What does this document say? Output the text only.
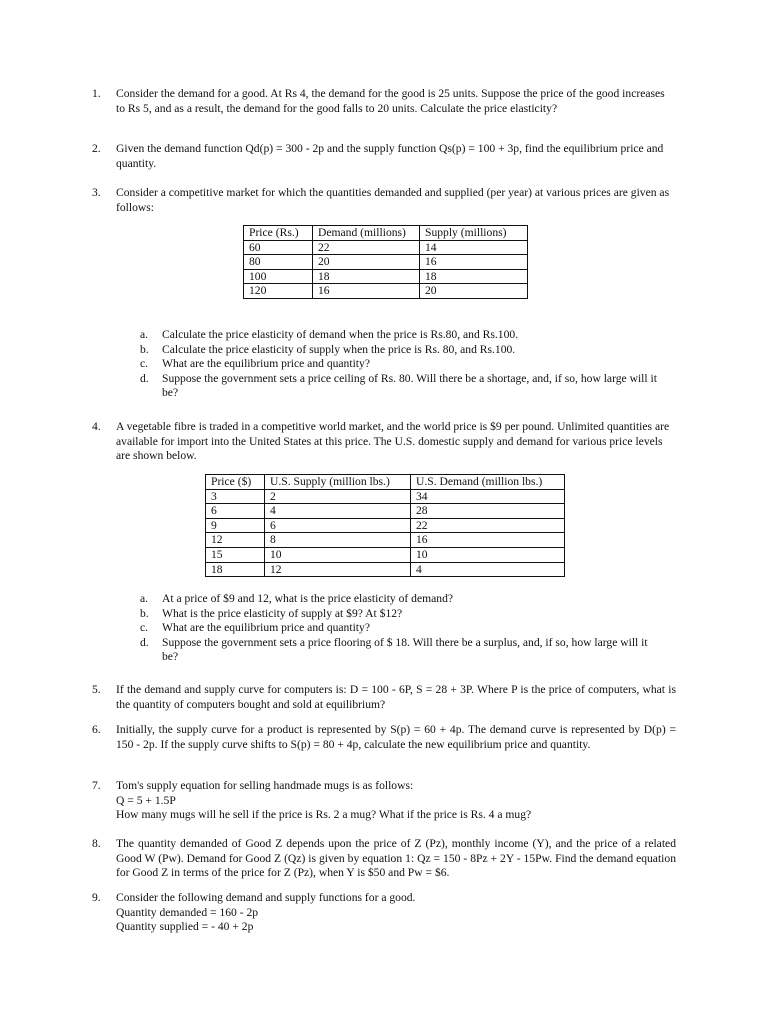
1. Consider the demand for a good. At Rs 4, the demand for the good is 25 units. Suppose the price of the good increases to Rs 5, and as a result, the demand for the good falls to 20 units. Calculate the price elasticity?
2. Given the demand function Qd(p) = 300 - 2p and the supply function Qs(p) = 100 + 3p, find the equilibrium price and quantity.
3. Consider a competitive market for which the quantities demanded and supplied (per year) at various prices are given as follows:
Price (Rs.)	Demand (millions)	Supply (millions)
60	22	14
80	20	16
100	18	18
120	16	20
a. Calculate the price elasticity of demand when the price is Rs.80, and Rs.100.
b. Calculate the price elasticity of supply when the price is Rs. 80, and Rs.100.
c. What are the equilibrium price and quantity?
d. Suppose the government sets a price ceiling of Rs. 80. Will there be a shortage, and, if so, how large will it be?
4. A vegetable fibre is traded in a competitive world market, and the world price is $9 per pound. Unlimited quantities are available for import into the United States at this price. The U.S. domestic supply and demand for various price levels are shown below.
Price ($)	U.S. Supply (million lbs.)	U.S. Demand (million lbs.)
3	2	34
6	4	28
9	6	22
12	8	16
15	10	10
18	12	4
a. At a price of $9 and 12, what is the price elasticity of demand?
b. What is the price elasticity of supply at $9? At $12?
c. What are the equilibrium price and quantity?
d. Suppose the government sets a price flooring of $ 18. Will there be a surplus, and, if so, how large will it be?
5. If the demand and supply curve for computers is: D = 100 - 6P, S = 28 + 3P. Where P is the price of computers, what is the quantity of computers bought and sold at equilibrium?
6. Initially, the supply curve for a product is represented by S(p) = 60 + 4p. The demand curve is represented by D(p) = 150 - 2p. If the supply curve shifts to S(p) = 80 + 4p, calculate the new equilibrium price and quantity.
7. Tom's supply equation for selling handmade mugs is as follows:
Q = 5 + 1.5P
How many mugs will he sell if the price is Rs. 2 a mug? What if the price is Rs. 4 a mug?
8. The quantity demanded of Good Z depends upon the price of Z (Pz), monthly income (Y), and the price of a related Good W (Pw). Demand for Good Z (Qz) is given by equation 1: Qz = 150 - 8Pz + 2Y - 15Pw. Find the demand equation for Good Z in terms of the price for Z (Pz), when Y is $50 and Pw = $6.
9. Consider the following demand and supply functions for a good.
Quantity demanded = 160 - 2p
Quantity supplied = - 40 + 2p
